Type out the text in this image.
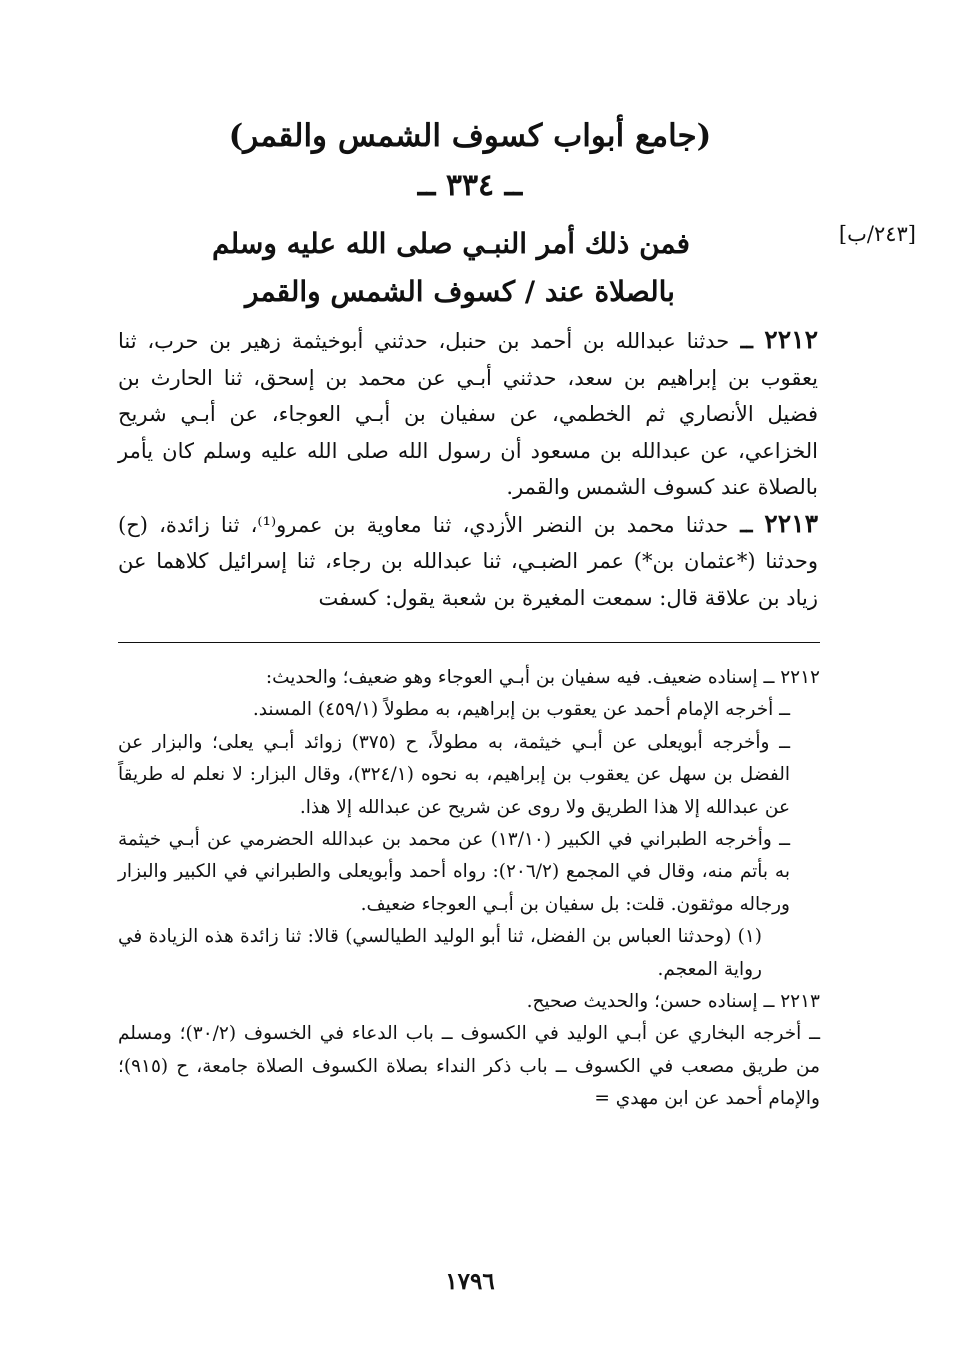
(جامع أبواب كسوف الشمس والقمر)
ــ ٣٣٤ ــ
[٢٤٣/ب]
فمن ذلك أمر النبـي صلى الله عليه وسلم
بالصلاة عند / كسوف الشمس والقمر

٢٢١٢ ــ حدثنا عبدالله بن أحمد بن حنبل، حدثني أبوخيثمة زهير بن حرب، ثنا يعقوب بن إبراهيم بن سعد، حدثني أبـي عن محمد بن إسحق، ثنا الحارث بن فضيل الأنصاري ثم الخطمي، عن سفيان بن أبـي العوجاء، عن أبـي شريح الخزاعي، عن عبدالله بن مسعود أن رسول الله صلى الله عليه وسلم كان يأمر بالصلاة عند كسوف الشمس والقمر.

٢٢١٣ ــ حدثنا محمد بن النضر الأزدي، ثنا معاوية بن عمرو⁽¹⁾، ثنا زائدة، (ح) وحدثنا (*عثمان بن*) عمر الضبـي، ثنا عبدالله بن رجاء، ثنا إسرائيل كلاهما عن زياد بن علاقة قال: سمعت المغيرة بن شعبة يقول: كسفت

٢٢١٢ ــ إسناده ضعيف. فيه سفيان بن أبـي العوجاء وهو ضعيف؛ والحديث:

ــ أخرجه الإمام أحمد عن يعقوب بن إبراهيم، به مطولاً (٤٥٩/١) المسند.

ــ وأخرجه أبويعلى عن أبـي خيثمة، به مطولاً، ح (٣٧٥) زوائد أبـي يعلى؛ والبزار عن الفضل بن سهل عن يعقوب بن إبراهيم، به نحوه (٣٢٤/١)، وقال البزار: لا نعلم له طريقاً عن عبدالله إلا هذا الطريق ولا روى عن شريح عن عبدالله إلا هذا.

ــ وأخرجه الطبراني في الكبير (١٣/١٠) عن محمد بن عبدالله الحضرمي عن أبـي خيثمة به بأتم منه، وقال في المجمع (٢٠٦/٢): رواه أحمد وأبويعلى والطبراني في الكبير والبزار ورجاله موثقون. قلت: بل سفيان بن أبـي العوجاء ضعيف.

(١) (وحدثنا العباس بن الفضل، ثنا أبو الوليد الطيالسي) قالا: ثنا زائدة هذه الزيادة في رواية المعجم.

٢٢١٣ ــ إسناده حسن؛ والحديث صحيح.

ــ أخرجه البخاري عن أبـي الوليد في الكسوف ــ باب الدعاء في الخسوف (٣٠/٢)؛ ومسلم من طريق مصعب في الكسوف ــ باب ذكر النداء بصلاة الكسوف الصلاة جامعة، ح (٩١٥)؛ والإمام أحمد عن ابن مهدي =

١٧٩٦
